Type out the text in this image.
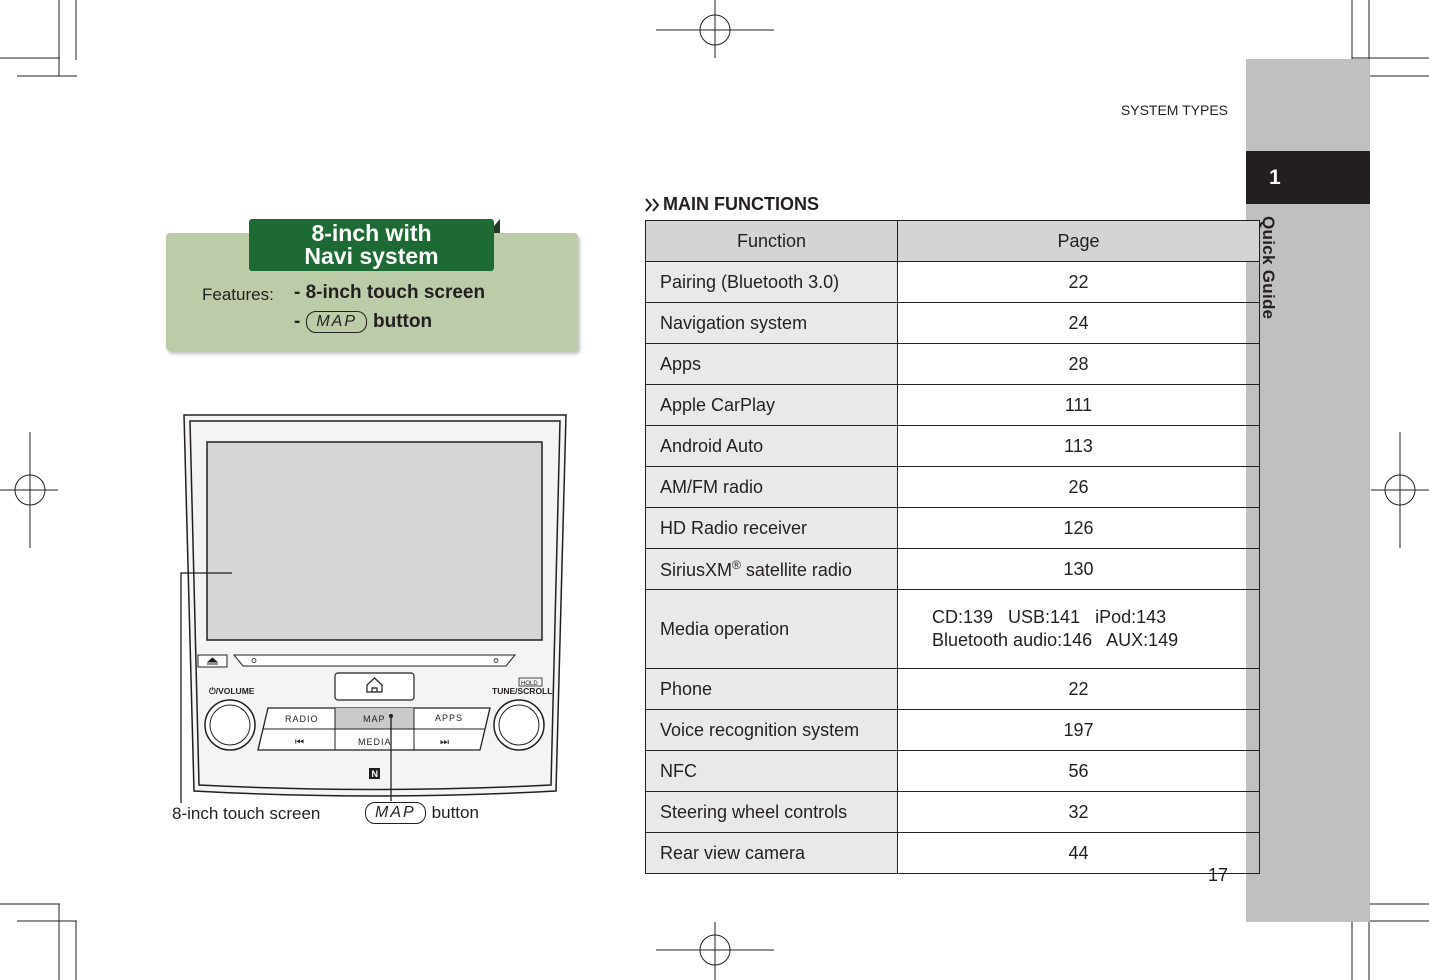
1
Quick Guide
SYSTEM TYPES
17
8-inch with
Navi system
Features: - 8-inch touch screen
-	MAP button
⏻/VOLUME	TUNE/SCROLL
HOLD
RADIO	MAP	APPS
⏮	MEDIA	⏭
N
8-inch touch screen	MAP button
MAIN FUNCTIONS
Function	Page
Pairing (Bluetooth 3.0)	22
Navigation system	24
Apps	28
Apple CarPlay	111
Android Auto	113
AM/FM radio	26
HD Radio receiver	126
SiriusXM® satellite radio	130
Media operation	CD:139   USB:141   iPod:143
Bluetooth audio:146   AUX:149

Phone	22
Voice recognition system	197
NFC	56
Steering wheel controls	32
Rear view camera	44
